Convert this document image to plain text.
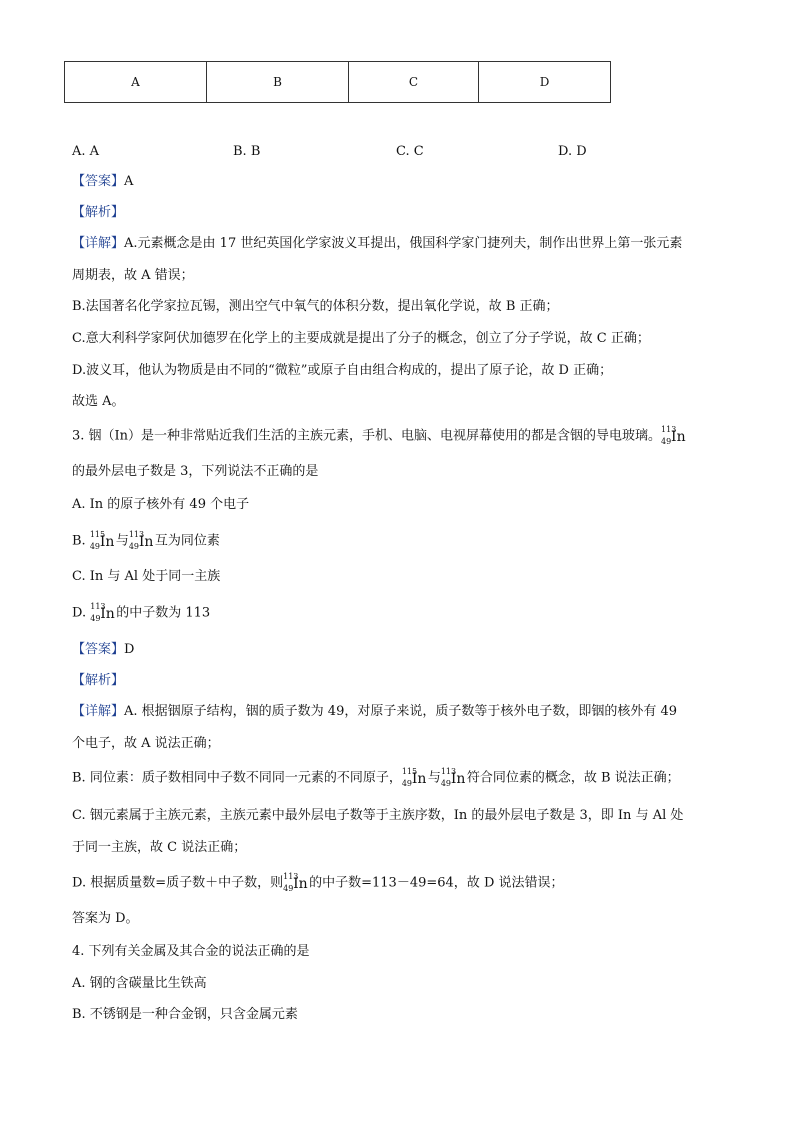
A	B	C	D
A. A	B. B	C. C	D. D
【答案】A
【解析】
【详解】A.元素概念是由 17 世纪英国化学家波义耳提出，俄国科学家门捷列夫，制作出世界上第一张元素
周期表，故 A 错误；
B.法国著名化学家拉瓦锡，测出空气中氧气的体积分数，提出氧化学说，故 B 正确；
C.意大利科学家阿伏加德罗在化学上的主要成就是提出了分子的概念，创立了分子学说，故 C 正确；
D.波义耳，他认为物质是由不同的“微粒”或原子自由组合构成的，提出了原子论，故 D 正确；
故选 A。
3. 铟（In）是一种非常贴近我们生活的主族元素，手机、电脑、电视屏幕使用的都是含铟的导电玻璃。 113
49 In
的最外层电子数是 3，下列说法不正确的是
A. In 的原子核外有 49 个电子
B. 115
49 In 与 113
49 In 互为同位素
C. In 与 Al 处于同一主族
D. 113
49 In 的中子数为 113
【答案】D
【解析】
【详解】A. 根据铟原子结构，铟的质子数为 49，对原子来说，质子数等于核外电子数，即铟的核外有 49
个电子，故 A 说法正确；
B. 同位素：质子数相同中子数不同同一元素的不同原子， 115
49 In 与 113
49 In 符合同位素的概念，故 B 说法正确；
C. 铟元素属于主族元素，主族元素中最外层电子数等于主族序数，In 的最外层电子数是 3，即 In 与 Al 处
于同一主族，故 C 说法正确；
D. 根据质量数=质子数＋中子数，则 113
49 In 的中子数=113－49=64，故 D 说法错误；
答案为 D。
4. 下列有关金属及其合金的说法正确的是
A. 钢的含碳量比生铁高
B. 不锈钢是一种合金钢，只含金属元素
